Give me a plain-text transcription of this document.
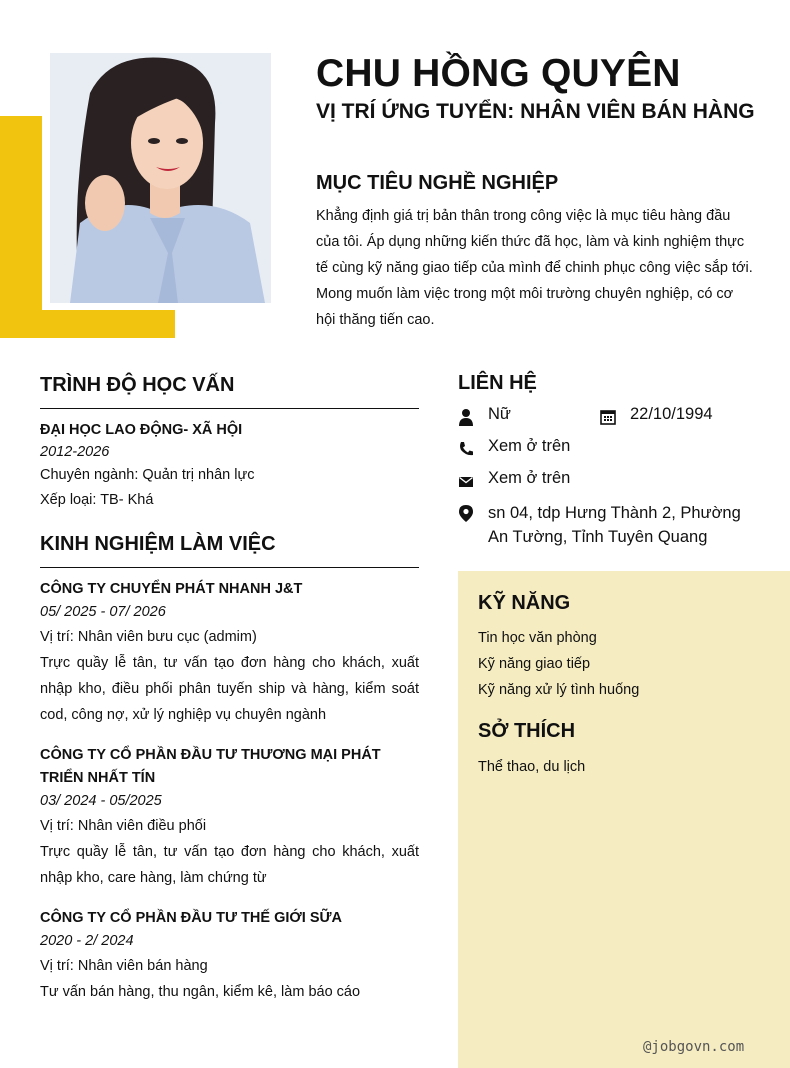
CHU HỒNG QUYÊN
VỊ TRÍ ỨNG TUYỂN: NHÂN VIÊN BÁN HÀNG
MỤC TIÊU NGHỀ NGHIỆP
Khẳng định giá trị bản thân trong công việc là mục tiêu hàng đầu của tôi. Áp dụng những kiến thức đã học, làm và kinh nghiệm thực tế cùng kỹ năng giao tiếp của mình để chinh phục công việc sắp tới. Mong muốn làm việc trong một môi trường chuyên nghiệp, có cơ hội thăng tiến cao.
TRÌNH ĐỘ HỌC VẤN
ĐẠI HỌC LAO ĐỘNG- XÃ HỘI
2012-2026
Chuyên ngành: Quản trị nhân lực
Xếp loại: TB- Khá
KINH NGHIỆM LÀM VIỆC
CÔNG TY CHUYỂN PHÁT NHANH J&T
05/ 2025 - 07/ 2026
Vị trí: Nhân viên bưu cục (admim)
Trực quầy lễ tân, tư vấn tạo đơn hàng cho khách, xuất nhập kho, điều phối phân tuyến ship và hàng, kiểm soát cod, công nợ, xử lý nghiệp vụ chuyên ngành
CÔNG TY CỔ PHẦN ĐẦU TƯ THƯƠNG MẠI PHÁT TRIỂN NHẤT TÍN
03/ 2024 - 05/2025
Vị trí: Nhân viên điều phối
Trực quầy lễ tân, tư vấn tạo đơn hàng cho khách, xuất nhập kho, care hàng, làm chứng từ
CÔNG TY CỔ PHẦN ĐẦU TƯ THẾ GIỚI SỮA
2020 - 2/ 2024
Vị trí: Nhân viên bán hàng
Tư vấn bán hàng, thu ngân, kiểm kê, làm báo cáo
LIÊN HỆ
Nữ	22/10/1994
Xem ở trên
Xem ở trên
sn 04, tdp Hưng Thành 2, Phường An Tường, Tỉnh Tuyên Quang
KỸ NĂNG
Tin học văn phòng
Kỹ năng giao tiếp
Kỹ năng xử lý tình huống
SỞ THÍCH
Thể thao, du lịch
@jobgovn.com
